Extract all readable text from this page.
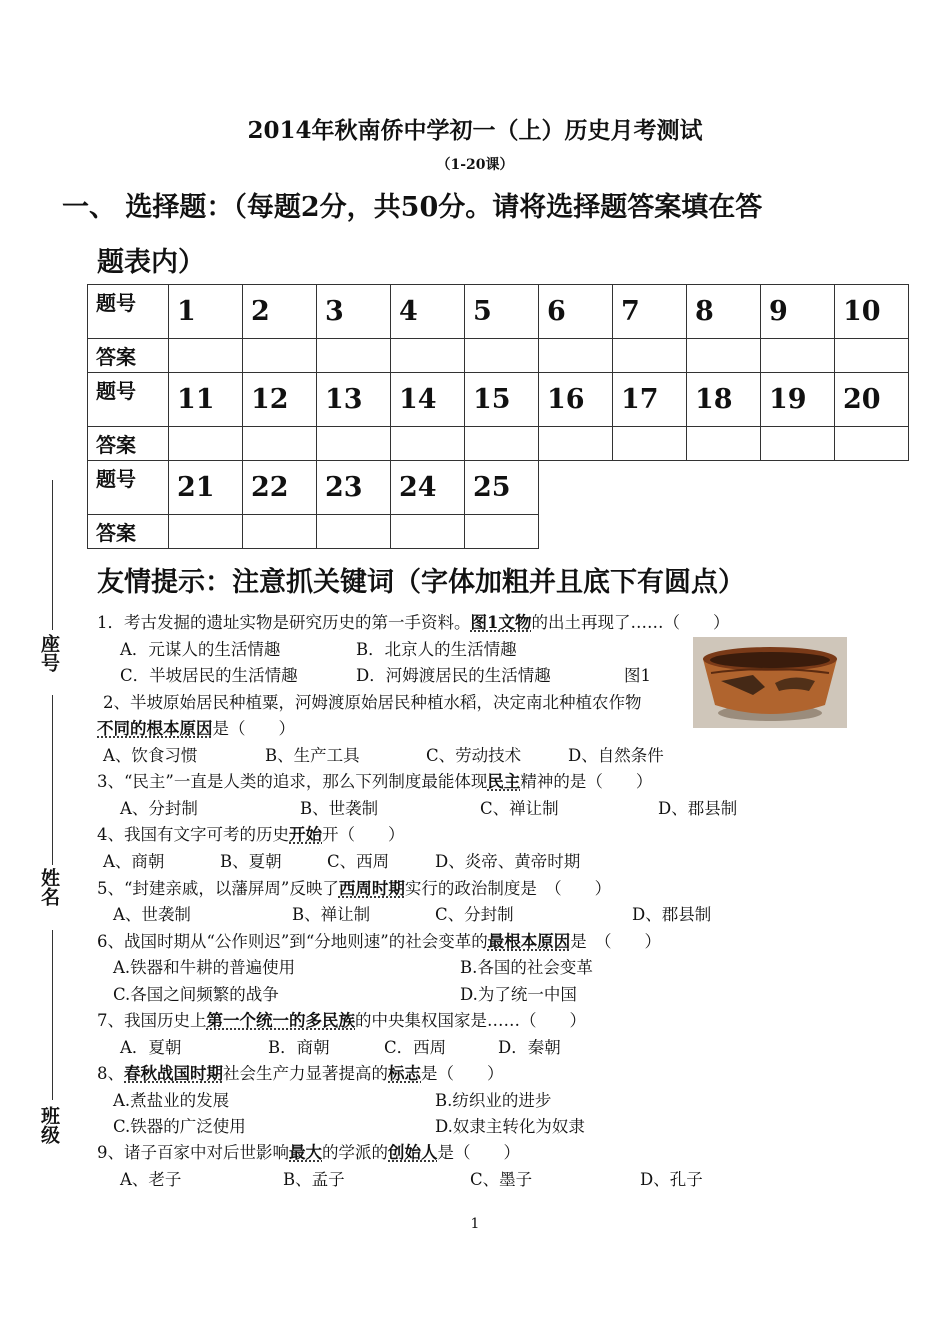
2014年秋南侨中学初一（上）历史月考测试
（1-20课）
一、 选择题：（每题2分，共50分。请将选择题答案填在答
题表内）
题号	1	2	3	4	5	6	7	8	9	10
答案										
题号	11	12	13	14	15	16	17	18	19	20
答案										
题号	21	22	23	24	25					
答案										
友情提示：注意抓关键词（字体加粗并且底下有圆点）
座号
姓名
班级
1．考古发掘的遗址实物是研究历史的第一手资料。图1文物的出土再现了……（　　）
A．元谋人的生活情趣	B．北京人的生活情趣
C．半坡居民的生活情趣	D．河姆渡居民的生活情趣	图1
2、半坡原始居民种植粟，河姆渡原始居民种植水稻，决定南北种植农作物
不同的根本原因是（　　）
A、饮食习惯	B、生产工具	C、劳动技术	D、自然条件
3、“民主”一直是人类的追求，那么下列制度最能体现民主精神的是（　　）
A、分封制	B、世袭制	C、禅让制	D、郡县制
4、我国有文字可考的历史开始开（　　）
A、商朝	B、夏朝	C、西周	D、炎帝、黄帝时期
5、“封建亲戚，以藩屏周”反映了西周时期实行的政治制度是　（　　）
A、世袭制	B、禅让制	C、分封制	D、郡县制
6、战国时期从“公作则迟”到“分地则速”的社会变革的最根本原因是　（　　）
A.铁器和牛耕的普遍使用	B.各国的社会变革
C.各国之间频繁的战争	D.为了统一中国
7、我国历史上第一个统一的多民族的中央集权国家是……（　　）
A．夏朝	B．商朝	C．西周	D．秦朝
8、春秋战国时期社会生产力显著提高的标志是（　　）
A.煮盐业的发展	B.纺织业的进步
C.铁器的广泛使用	D.奴隶主转化为奴隶
9、诸子百家中对后世影响最大的学派的创始人是（　　）
A、老子	B、孟子	C、墨子	D、孔子
1
